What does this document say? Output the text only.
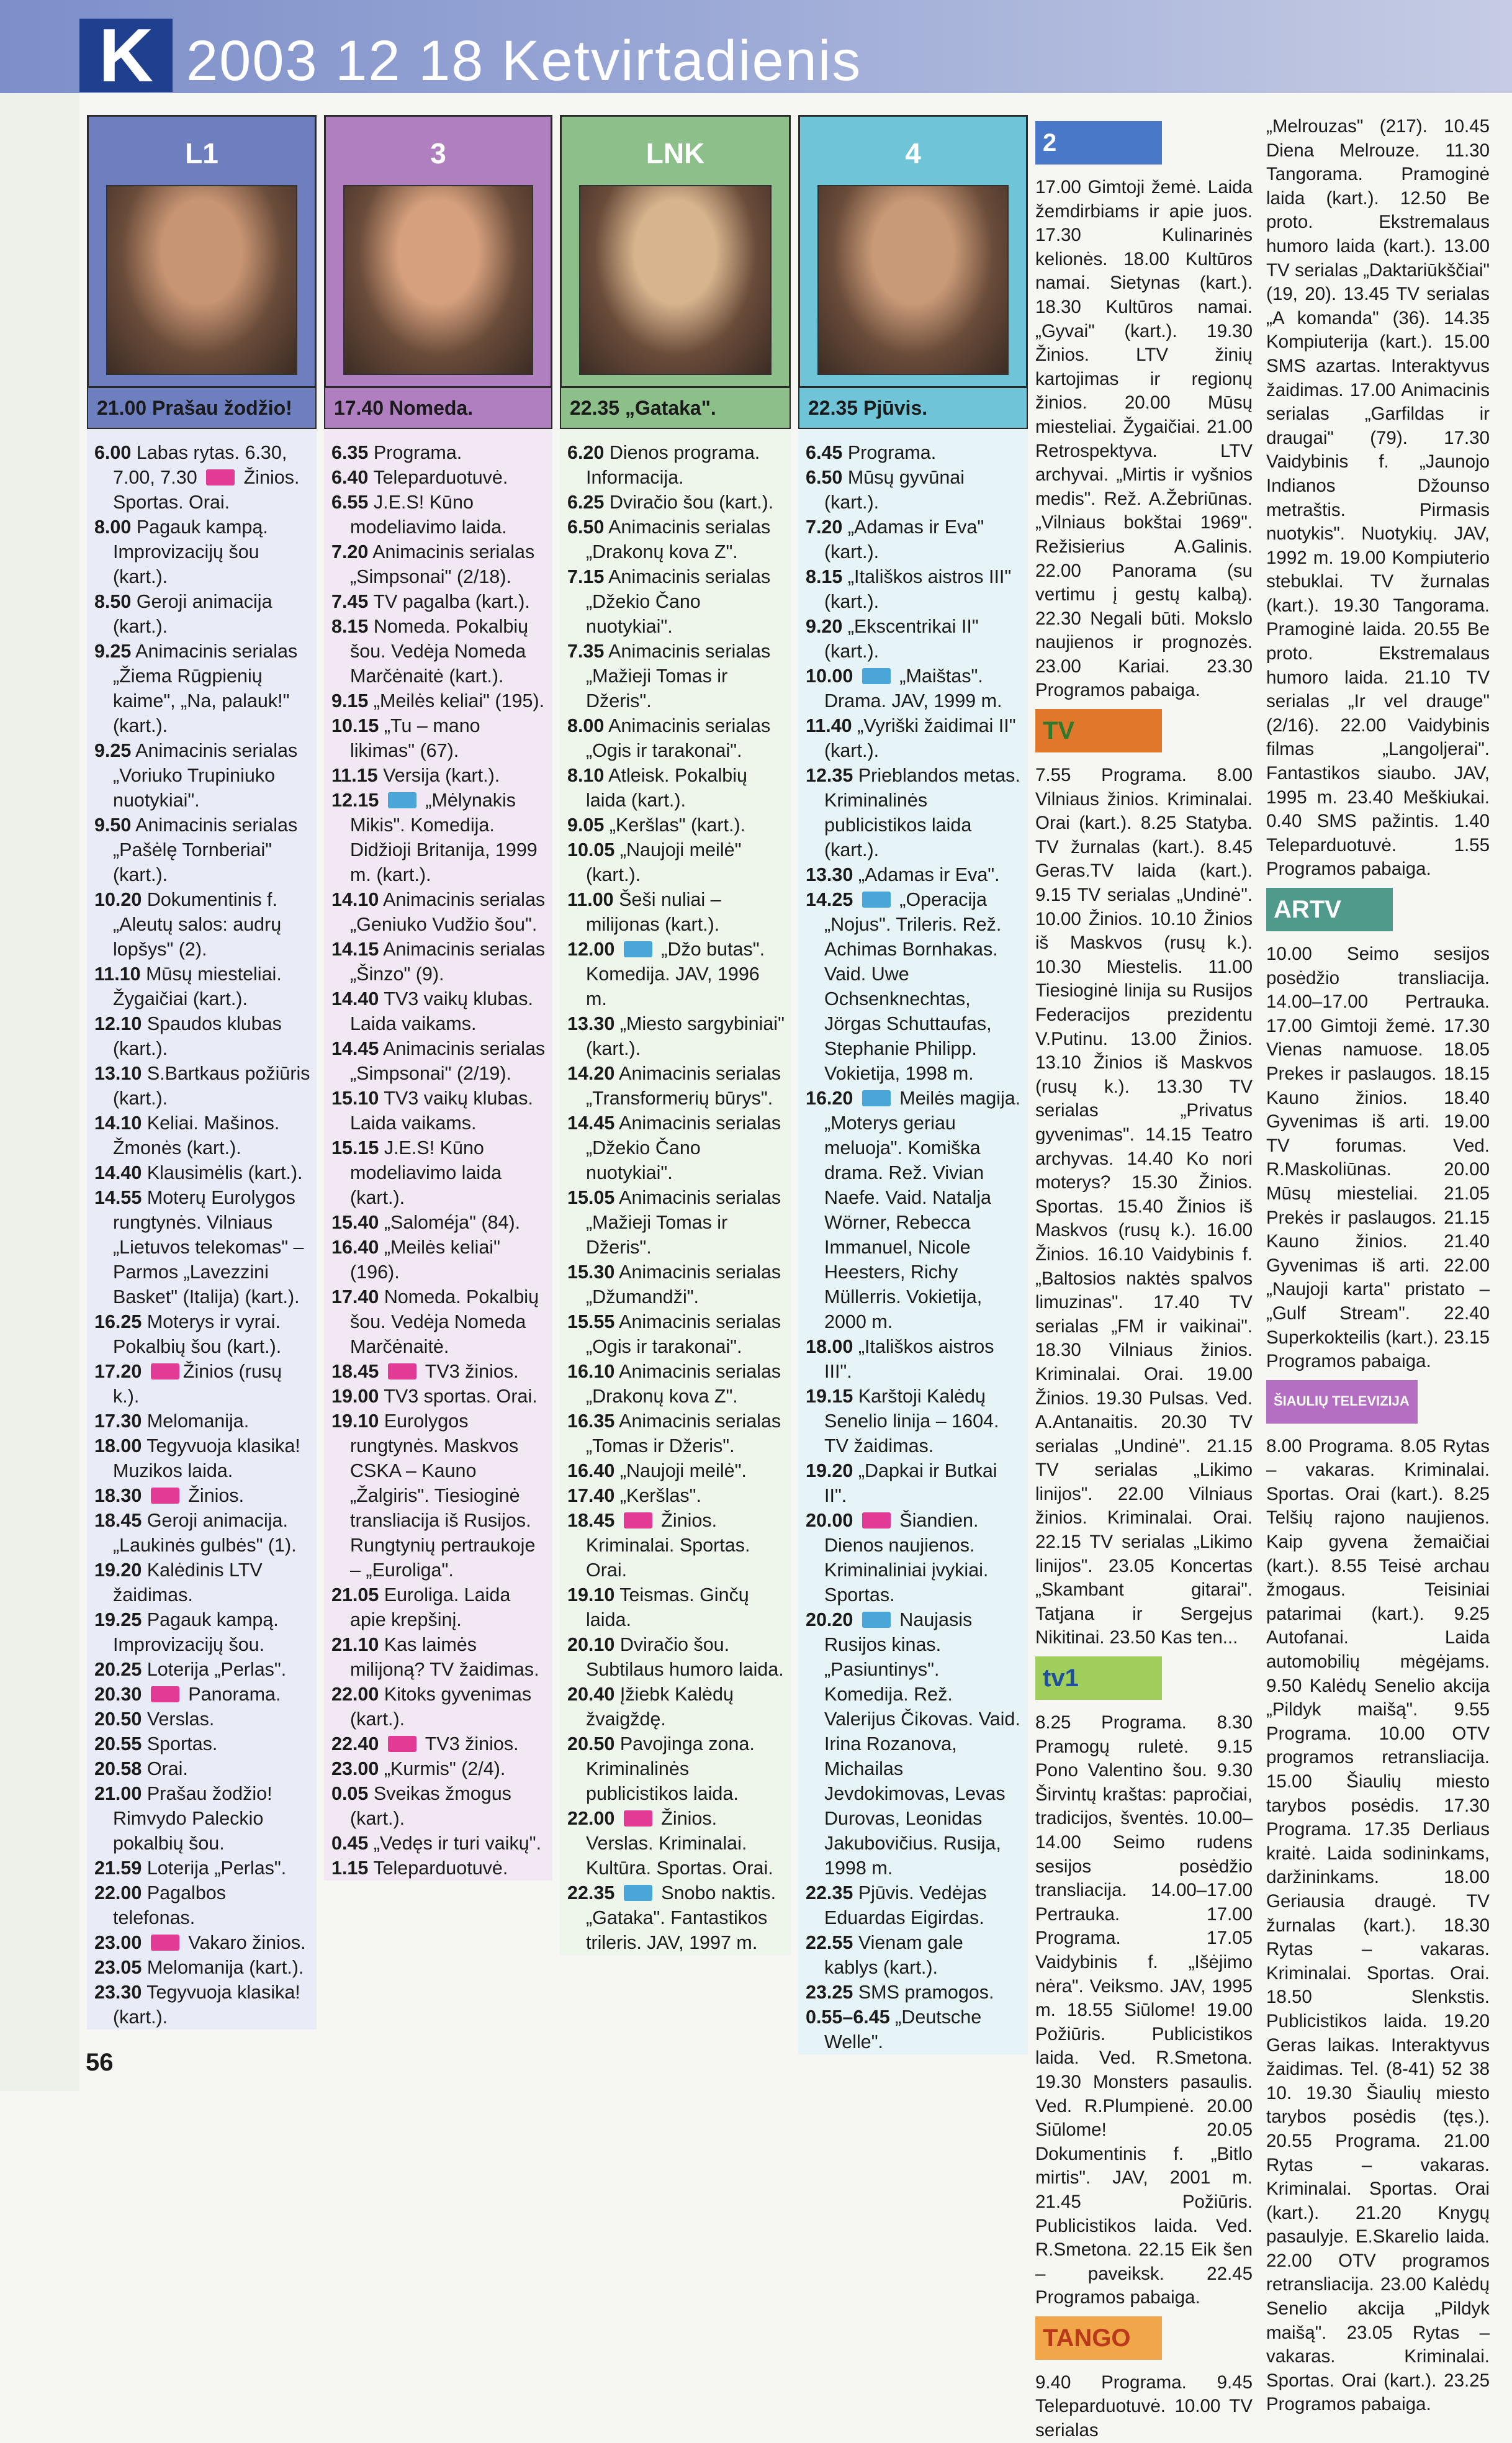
K 2003 12 18 Ketvirtadienis
L1
21.00 Prašau žodžio!

6.00 Labas rytas. 6.30, 7.00, 7.30  Žinios. Sportas. Orai.

8.00 Pagauk kampą. Improvizacijų šou (kart.).

8.50 Geroji animacija (kart.).

9.25 Animacinis serialas „Žiema Rūgpienių kaime", „Na, palauk!" (kart.).

9.25 Animacinis serialas „Voriuko Trupiniuko nuotykiai".

9.50 Animacinis serialas „Pašėlę Tornberiai" (kart.).

10.20 Dokumentinis f. „Aleutų salos: audrų lopšys" (2).

11.10 Mūsų miesteliai. Žygaičiai (kart.).

12.10 Spaudos klubas (kart.).

13.10 S.Bartkaus požiūris (kart.).

14.10 Keliai. Mašinos. Žmonės (kart.).

14.40 Klausimėlis (kart.).

14.55 Moterų Eurolygos rungtynės. Vilniaus „Lietuvos telekomas" – Parmos „Lavezzini Basket" (Italija) (kart.).

16.25 Moterys ir vyrai. Pokalbių šou (kart.).

17.20 Žinios (rusų k.).

17.30 Melomanija.

18.00 Tegyvuoja klasika! Muzikos laida.

18.30  Žinios.

18.45 Geroji animacija. „Laukinės gulbės" (1).

19.20 Kalėdinis LTV žaidimas.

19.25 Pagauk kampą. Improvizacijų šou.

20.25 Loterija „Perlas".

20.30  Panorama.

20.50 Verslas.

20.55 Sportas.

20.58 Orai.

21.00 Prašau žodžio! Rimvydo Paleckio pokalbių šou.

21.59 Loterija „Perlas".

22.00 Pagalbos telefonas.

23.00  Vakaro žinios.

23.05 Melomanija (kart.).

23.30 Tegyvuoja klasika! (kart.).

3
17.40 Nomeda.

6.35 Programa.

6.40 Teleparduotuvė.

6.55 J.E.S! Kūno modeliavimo laida.

7.20 Animacinis serialas „Simpsonai" (2/18).

7.45 TV pagalba (kart.).

8.15 Nomeda. Pokalbių šou. Vedėja Nomeda Marčėnaitė (kart.).

9.15 „Meilės keliai" (195).

10.15 „Tu – mano likimas" (67).

11.15 Versija (kart.).

12.15  „Mėlynakis Mikis". Komedija. Didžioji Britanija, 1999 m. (kart.).

14.10 Animacinis serialas „Geniuko Vudžio šou".

14.15 Animacinis serialas „Šinzo" (9).

14.40 TV3 vaikų klubas. Laida vaikams.

14.45 Animacinis serialas „Simpsonai" (2/19).

15.10 TV3 vaikų klubas. Laida vaikams.

15.15 J.E.S! Kūno modeliavimo laida (kart.).

15.40 „Saloméja" (84).

16.40 „Meilės keliai" (196).

17.40 Nomeda. Pokalbių šou. Vedėja Nomeda Marčėnaitė.

18.45  TV3 žinios.

19.00 TV3 sportas. Orai.

19.10 Eurolygos rungtynės. Maskvos CSKA – Kauno „Žalgiris". Tiesioginė transliacija iš Rusijos. Rungtynių pertraukoje – „Euroliga".

21.05 Euroliga. Laida apie krepšinį.

21.10 Kas laimės milijoną? TV žaidimas.

22.00 Kitoks gyvenimas (kart.).

22.40  TV3 žinios.

23.00 „Kurmis" (2/4).

0.05 Sveikas žmogus (kart.).

0.45 „Vedęs ir turi vaikų".

1.15 Teleparduotuvė.

LNK
22.35 „Gataka".

6.20 Dienos programa. Informacija.

6.25 Dviračio šou (kart.).

6.50 Animacinis serialas „Drakonų kova Z".

7.15 Animacinis serialas „Džekio Čano nuotykiai".

7.35 Animacinis serialas „Mažieji Tomas ir Džeris".

8.00 Animacinis serialas „Ogis ir tarakonai".

8.10 Atleisk. Pokalbių laida (kart.).

9.05 „Keršlas" (kart.).

10.05 „Naujoji meilė" (kart.).

11.00 Šeši nuliai – milijonas (kart.).

12.00  „Džo butas". Komedija. JAV, 1996 m.

13.30 „Miesto sargybiniai" (kart.).

14.20 Animacinis serialas „Transformerių būrys".

14.45 Animacinis serialas „Džekio Čano nuotykiai".

15.05 Animacinis serialas „Mažieji Tomas ir Džeris".

15.30 Animacinis serialas „Džumandži".

15.55 Animacinis serialas „Ogis ir tarakonai".

16.10 Animacinis serialas „Drakonų kova Z".

16.35 Animacinis serialas „Tomas ir Džeris".

16.40 „Naujoji meilė".

17.40 „Keršlas".

18.45  Žinios. Kriminalai. Sportas. Orai.

19.10 Teismas. Ginčų laida.

20.10 Dviračio šou. Subtilaus humoro laida.

20.40 Įžiebk Kalėdų žvaigždę.

20.50 Pavojinga zona. Kriminalinės publicistikos laida.

22.00  Žinios. Verslas. Kriminalai. Kultūra. Sportas. Orai.

22.35  Snobo naktis. „Gataka". Fantastikos trileris. JAV, 1997 m.

4
22.35 Pjūvis.

6.45 Programa.

6.50 Mūsų gyvūnai (kart.).

7.20 „Adamas ir Eva" (kart.).

8.15 „Itališkos aistros III" (kart.).

9.20 „Ekscentrikai II" (kart.).

10.00  „Maištas". Drama. JAV, 1999 m.

11.40 „Vyriški žaidimai II" (kart.).

12.35 Prieblandos metas. Kriminalinės publicistikos laida (kart.).

13.30 „Adamas ir Eva".

14.25  „Operacija „Nojus". Trileris. Rež. Achimas Bornhakas. Vaid. Uwe Ochsenknechtas, Jörgas Schuttaufas, Stephanie Philipp. Vokietija, 1998 m.

16.20  Meilės magija. „Moterys geriau meluoja". Komiška drama. Rež. Vivian Naefe. Vaid. Natalja Wörner, Rebecca Immanuel, Nicole Heesters, Richy Müllerris. Vokietija, 2000 m.

18.00 „Itališkos aistros III".

19.15 Karštoji Kalėdų Senelio linija – 1604. TV žaidimas.

19.20 „Dapkai ir Butkai II".

20.00  Šiandien. Dienos naujienos. Kriminaliniai įvykiai. Sportas.

20.20  Naujasis Rusijos kinas. „Pasiuntinys". Komedija. Rež. Valerijus Čikovas. Vaid. Irina Rozanova, Michailas Jevdokimovas, Levas Durovas, Leonidas Jakubovičius. Rusija, 1998 m.

22.35 Pjūvis. Vedėjas Eduardas Eigirdas.

22.55 Vienam gale kablys (kart.).

23.25 SMS pramogos.

0.55–6.45 „Deutsche Welle".

2

17.00 Gimtoji žemė. Laida žemdirbiams ir apie juos. 17.30 Kulinarinės kelionės. 18.00 Kultūros namai. Sietynas (kart.). 18.30 Kultūros namai. „Gyvai" (kart.). 19.30 Žinios. LTV žinių kartojimas ir regionų žinios. 20.00 Mūsų miesteliai. Žygaičiai. 21.00 Retrospektyva. LTV archyvai. „Mirtis ir vyšnios medis". Rež. A.Žebriūnas. „Vilniaus bokštai 1969". Režisierius A.Galinis. 22.00 Panorama (su vertimu į gestų kalbą). 22.30 Negali būti. Mokslo naujienos ir prognozės. 23.00 Kariai. 23.30 Programos pabaiga.

TV

7.55 Programa. 8.00 Vilniaus žinios. Kriminalai. Orai (kart.). 8.25 Statyba. TV žurnalas (kart.). 8.45 Geras.TV laida (kart.). 9.15 TV serialas „Undinė". 10.00 Žinios. 10.10 Žinios iš Maskvos (rusų k.). 10.30 Miestelis. 11.00 Tiesioginė linija su Rusijos Federacijos prezidentu V.Putinu. 13.00 Žinios. 13.10 Žinios iš Maskvos (rusų k.). 13.30 TV serialas „Privatus gyvenimas". 14.15 Teatro archyvas. 14.40 Ko nori moterys? 15.30 Žinios. Sportas. 15.40 Žinios iš Maskvos (rusų k.). 16.00 Žinios. 16.10 Vaidybinis f. „Baltosios naktės spalvos limuzinas". 17.40 TV serialas „FM ir vaikinai". 18.30 Vilniaus žinios. Kriminalai. Orai. 19.00 Žinios. 19.30 Pulsas. Ved. A.Antanaitis. 20.30 TV serialas „Undinė". 21.15 TV serialas „Likimo linijos". 22.00 Vilniaus žinios. Kriminalai. Orai. 22.15 TV serialas „Likimo linijos". 23.05 Koncertas „Skambant gitarai". Tatjana ir Sergejus Nikitinai. 23.50 Kas ten...

tv1

8.25 Programa. 8.30 Pramogų ruletė. 9.15 Pono Valentino šou. 9.30 Širvintų kraštas: papročiai, tradicijos, šventės. 10.00–14.00 Seimo rudens sesijos posėdžio transliacija. 14.00–17.00 Pertrauka. 17.00 Programa. 17.05 Vaidybinis f. „Išėjimo nėra". Veiksmo. JAV, 1995 m. 18.55 Siūlome! 19.00 Požiūris. Publicistikos laida. Ved. R.Smetona. 19.30 Monsters pasaulis. Ved. R.Plumpienė. 20.00 Siūlome! 20.05 Dokumentinis f. „Bitlo mirtis". JAV, 2001 m. 21.45 Požiūris. Publicistikos laida. Ved. R.Smetona. 22.15 Eik šen – paveiksk. 22.45 Programos pabaiga.

TANGO

9.40 Programa. 9.45 Teleparduotuvė. 10.00 TV serialas

„Melrouzas" (217). 10.45 Diena Melrouze. 11.30 Tangorama. Pramoginė laida (kart.). 12.50 Be proto. Ekstremalaus humoro laida (kart.). 13.00 TV serialas „Daktariūkščiai" (19, 20). 13.45 TV serialas „A komanda" (36). 14.35 Kompiuterija (kart.). 15.00 SMS azartas. Interaktyvus žaidimas. 17.00 Animacinis serialas „Garfildas ir draugai" (79). 17.30 Vaidybinis f. „Jaunojo Indianos Džounso metraštis. Pirmasis nuotykis". Nuotykių. JAV, 1992 m. 19.00 Kompiuterio stebuklai. TV žurnalas (kart.). 19.30 Tangorama. Pramoginė laida. 20.55 Be proto. Ekstremalaus humoro laida. 21.10 TV serialas „Ir vel drauge" (2/16). 22.00 Vaidybinis filmas „Langoljerai". Fantastikos siaubo. JAV, 1995 m. 23.40 Meškiukai. 0.40 SMS pažintis. 1.40 Teleparduotuvė. 1.55 Programos pabaiga.

ARTV

10.00 Seimo sesijos posėdžio transliacija. 14.00–17.00 Pertrauka. 17.00 Gimtoji žemė. 17.30 Vienas namuose. 18.05 Prekes ir paslaugos. 18.15 Kauno žinios. 18.40 Gyvenimas iš arti. 19.00 TV forumas. Ved. R.Maskoliūnas. 20.00 Mūsų miesteliai. 21.05 Prekės ir paslaugos. 21.15 Kauno žinios. 21.40 Gyvenimas iš arti. 22.00 „Naujoji karta" pristato – „Gulf Stream". 22.40 Superkokteilis (kart.). 23.15 Programos pabaiga.

ŠIAULIŲ TELEVIZIJA

8.00 Programa. 8.05 Rytas – vakaras. Kriminalai. Sportas. Orai (kart.). 8.25 Telšių rajono naujienos. Kaip gyvena žemaičiai (kart.). 8.55 Teisė archau žmogaus. Teisiniai patarimai (kart.). 9.25 Autofanai. Laida automobilių mėgėjams. 9.50 Kalėdų Senelio akcija „Pildyk maišą". 9.55 Programa. 10.00 OTV programos retransliacija. 15.00 Šiaulių miesto tarybos posėdis. 17.30 Programa. 17.35 Derliaus kraitė. Laida sodininkams, daržininkams. 18.00 Geriausia draugė. TV žurnalas (kart.). 18.30 Rytas – vakaras. Kriminalai. Sportas. Orai. 18.50 Slenkstis. Publicistikos laida. 19.20 Geras laikas. Interaktyvus žaidimas. Tel. (8-41) 52 38 10. 19.30 Šiaulių miesto tarybos posėdis (tęs.). 20.55 Programa. 21.00 Rytas – vakaras. Kriminalai. Sportas. Orai (kart.). 21.20 Knygų pasaulyje. E.Skarelio laida. 22.00 OTV programos retransliacija. 23.00 Kalėdų Senelio akcija „Pildyk maišą". 23.05 Rytas – vakaras. Kriminalai. Sportas. Orai (kart.). 23.25 Programos pabaiga.

56
